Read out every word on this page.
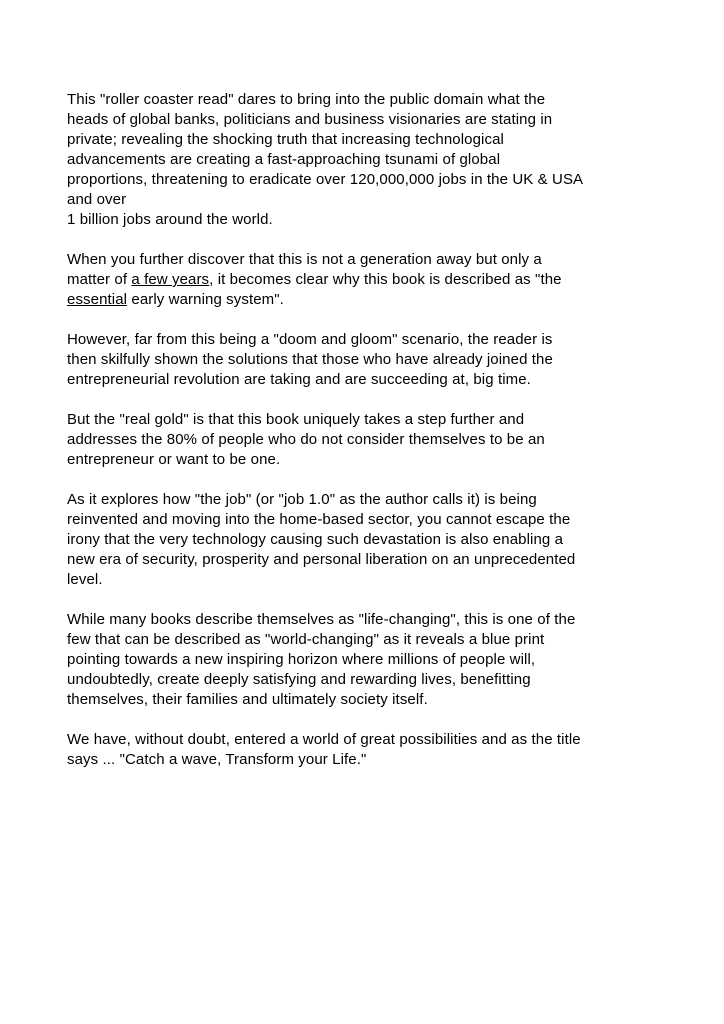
This "roller coaster read" dares to bring into the public domain what the
heads of global banks, politicians and business visionaries are stating in
private; revealing the shocking truth that increasing technological
advancements are creating a fast-approaching tsunami of global
proportions, threatening to eradicate over 120,000,000 jobs in the UK & USA
and over
1 billion jobs around the world.

When you further discover that this is not a generation away but only a
matter of a few years, it becomes clear why this book is described as "the
essential early warning system".

However, far from this being a "doom and gloom" scenario, the reader is
then skilfully shown the solutions that those who have already joined the
entrepreneurial revolution are taking and are succeeding at, big time.

But the "real gold" is that this book uniquely takes a step further and
addresses the 80% of people who do not consider themselves to be an
entrepreneur or want to be one.

As it explores how "the job" (or "job 1.0" as the author calls it) is being
reinvented and moving into the home-based sector, you cannot escape the
irony that the very technology causing such devastation is also enabling a
new era of security, prosperity and personal liberation on an unprecedented
level.

While many books describe themselves as "life-changing", this is one of the
few that can be described as "world-changing" as it reveals a blue print
pointing towards a new inspiring horizon where millions of people will,
undoubtedly, create deeply satisfying and rewarding lives, benefitting
themselves, their families and ultimately society itself.

We have, without doubt, entered a world of great possibilities and as the title
says ... "Catch a wave, Transform your Life."
